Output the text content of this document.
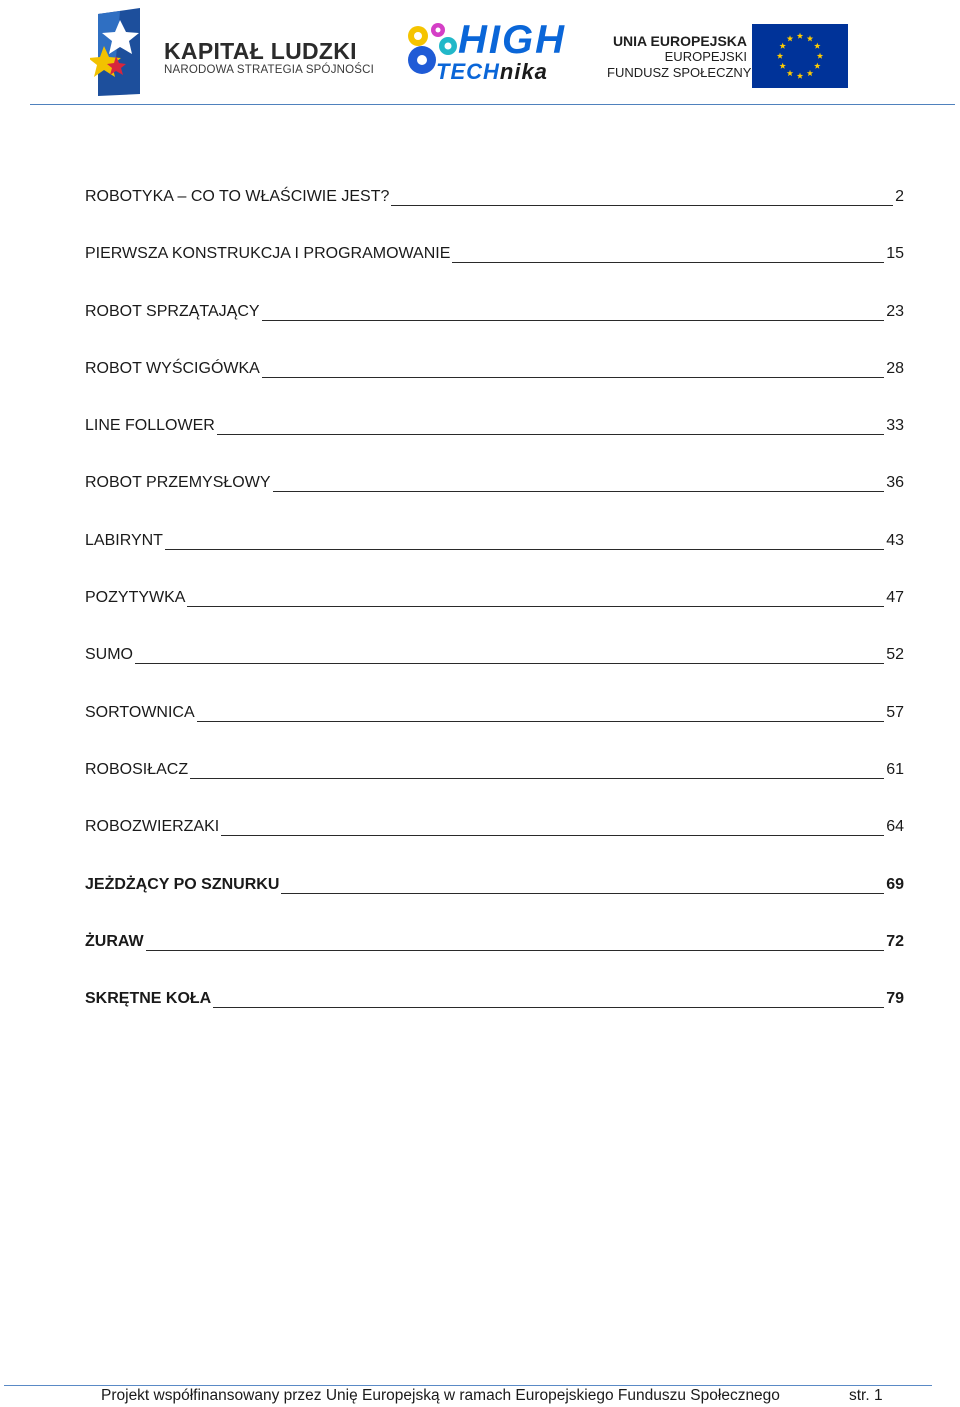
KAPITAŁ LUDZKI
NARODOWA STRATEGIA SPÓJNOŚCI
HIGH
TECHnika
UNIA EUROPEJSKA
EUROPEJSKI
FUNDUSZ SPOŁECZNY
ROBOTYKA – CO TO WŁAŚCIWIE JEST?	2
PIERWSZA KONSTRUKCJA I PROGRAMOWANIE	15
ROBOT SPRZĄTAJĄCY	23
ROBOT WYŚCIGÓWKA	28
LINE FOLLOWER	33
ROBOT PRZEMYSŁOWY	36
LABIRYNT	43
POZYTYWKA	47
SUMO	52
SORTOWNICA	57
ROBOSIŁACZ	61
ROBOZWIERZAKI	64
JEŻDŻĄCY PO SZNURKU	69
ŻURAW	72
SKRĘTNE KOŁA	79
Projekt współfinansowany przez Unię Europejską w ramach Europejskiego Funduszu Społecznego	str. 1
